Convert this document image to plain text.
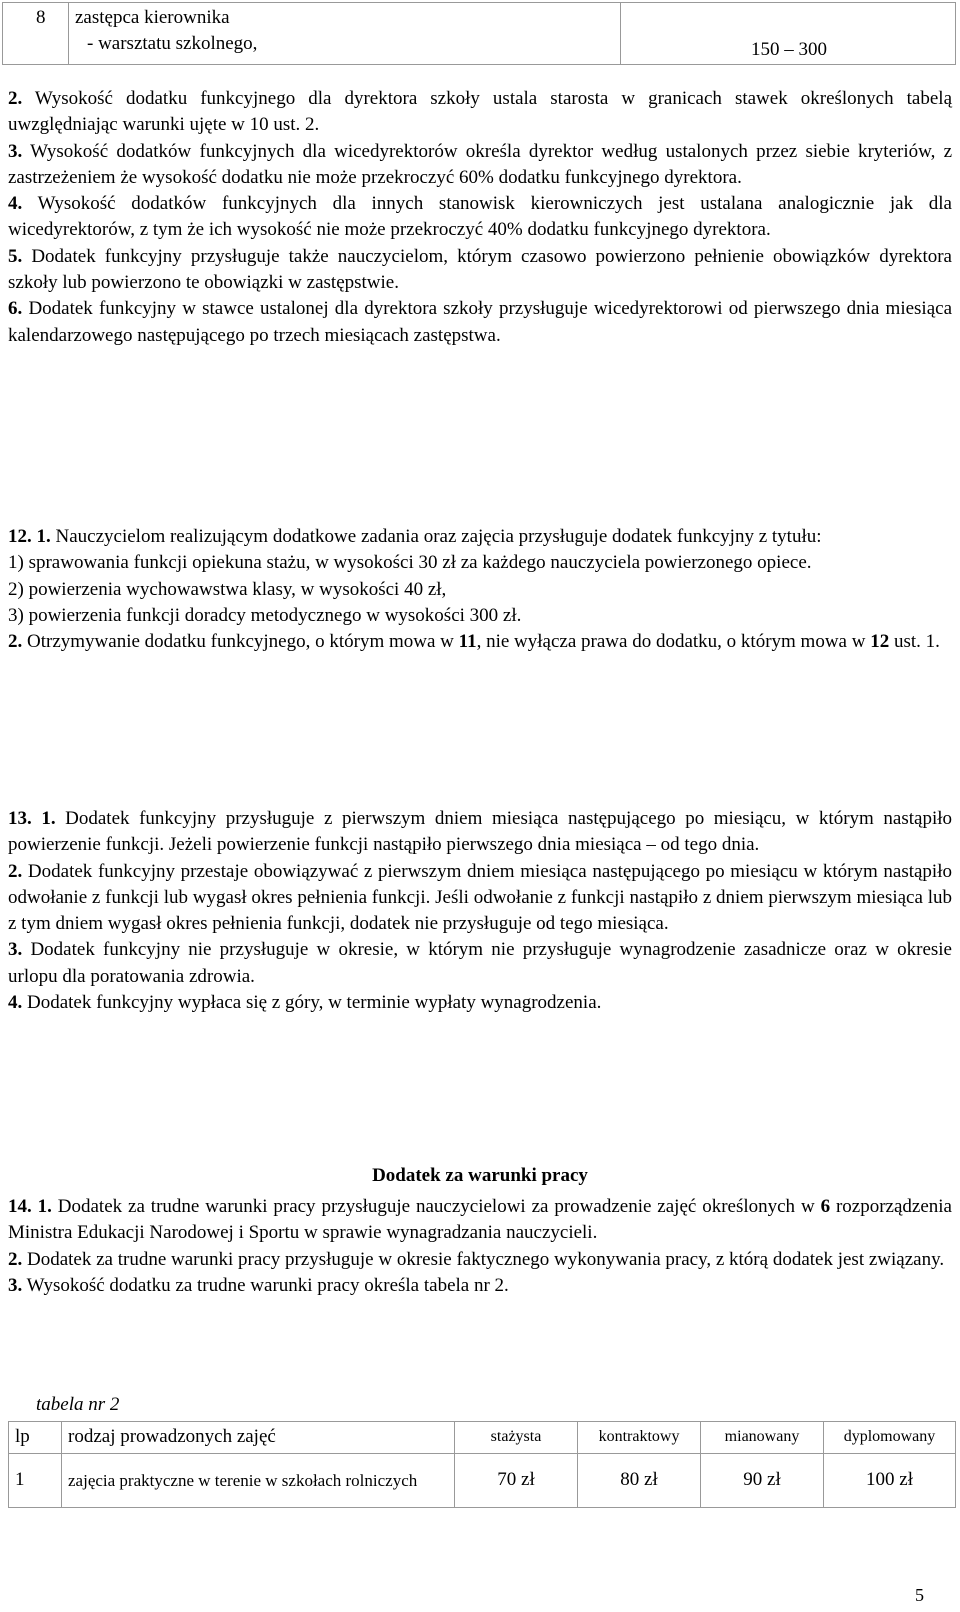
8	zastępca kierownika
- warsztatu szkolnego,	150 – 300

2. Wysokość dodatku funkcyjnego dla dyrektora szkoły ustala starosta w granicach stawek określonych tabelą uwzględniając warunki ujęte w 10 ust. 2.

3. Wysokość dodatków funkcyjnych dla wicedyrektorów określa dyrektor według ustalonych przez siebie kryteriów, z zastrzeżeniem że wysokość dodatku nie może przekroczyć 60% dodatku funkcyjnego dyrektora.

4. Wysokość dodatków funkcyjnych dla innych stanowisk kierowniczych jest ustalana analogicznie jak dla wicedyrektorów, z tym że ich wysokość nie może przekroczyć 40% dodatku funkcyjnego dyrektora.

5. Dodatek funkcyjny przysługuje także nauczycielom, którym czasowo powierzono pełnienie obowiązków dyrektora szkoły lub powierzono te obowiązki w zastępstwie.

6. Dodatek funkcyjny w stawce ustalonej dla dyrektora szkoły przysługuje wicedyrektorowi od pierwszego dnia miesiąca kalendarzowego następującego po trzech miesiącach zastępstwa.

12. 1. Nauczycielom realizującym dodatkowe zadania oraz zajęcia przysługuje dodatek funkcyjny z tytułu:

1) sprawowania funkcji opiekuna stażu, w wysokości 30 zł za każdego nauczyciela powierzonego opiece.

2) powierzenia wychowawstwa klasy, w wysokości 40 zł,

3) powierzenia funkcji doradcy metodycznego w wysokości 300 zł.

2. Otrzymywanie dodatku funkcyjnego, o którym mowa w 11, nie wyłącza prawa do dodatku, o którym mowa w 12 ust. 1.

13. 1. Dodatek funkcyjny przysługuje z pierwszym dniem miesiąca następującego po miesiącu, w którym nastąpiło powierzenie funkcji. Jeżeli powierzenie funkcji nastąpiło pierwszego dnia miesiąca – od tego dnia.

2. Dodatek funkcyjny przestaje obowiązywać z pierwszym dniem miesiąca następującego po miesiącu w którym nastąpiło odwołanie z funkcji lub wygasł okres pełnienia funkcji. Jeśli odwołanie z funkcji nastąpiło z dniem pierwszym miesiąca lub z tym dniem wygasł okres pełnienia funkcji, dodatek nie przysługuje od tego miesiąca.

3. Dodatek funkcyjny nie przysługuje w okresie, w którym nie przysługuje wynagrodzenie zasadnicze oraz w okresie urlopu dla poratowania zdrowia.

4. Dodatek funkcyjny wypłaca się z góry, w terminie wypłaty wynagrodzenia.

Dodatek za warunki pracy

14. 1. Dodatek za trudne warunki pracy przysługuje nauczycielowi za prowadzenie zajęć określonych w 6 rozporządzenia Ministra Edukacji Narodowej i Sportu w sprawie wynagradzania nauczycieli.

2. Dodatek za trudne warunki pracy przysługuje w okresie faktycznego wykonywania pracy, z którą dodatek jest związany.

3. Wysokość dodatku za trudne warunki pracy określa tabela nr 2.

tabela nr 2
lp	rodzaj prowadzonych zajęć	stażysta	kontraktowy	mianowany	dyplomowany
1	zajęcia praktyczne w terenie w szkołach rolniczych	70 zł	80 zł	90 zł	100 zł
5
